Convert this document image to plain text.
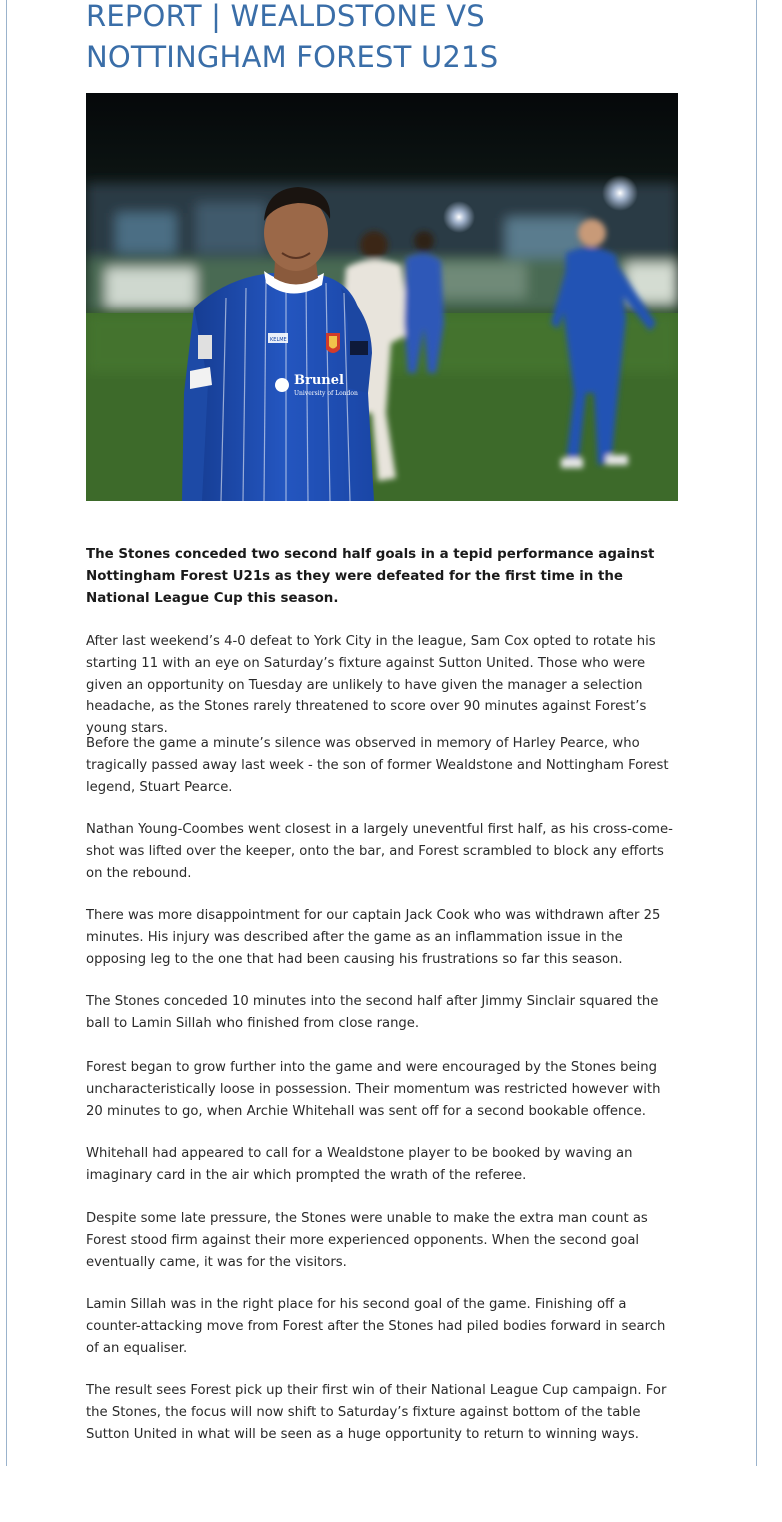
REPORT | WEALDSTONE VS NOTTINGHAM FOREST U21S
Brunel
University of London
KELME

The Stones conceded two second half goals in a tepid performance against Nottingham Forest U21s as they were defeated for the first time in the National League Cup this season.

After last weekend’s 4-0 defeat to York City in the league, Sam Cox opted to rotate his starting 11 with an eye on Saturday’s fixture against Sutton United. Those who were given an opportunity on Tuesday are unlikely to have given the manager a selection headache, as the Stones rarely threatened to score over 90 minutes against Forest’s young stars.

Before the game a minute’s silence was observed in memory of Harley Pearce, who tragically passed away last week - the son of former Wealdstone and Nottingham Forest legend, Stuart Pearce.

Nathan Young-Coombes went closest in a largely uneventful first half, as his cross-come-shot was lifted over the keeper, onto the bar, and Forest scrambled to block any efforts on the rebound.

There was more disappointment for our captain Jack Cook who was withdrawn after 25 minutes. His injury was described after the game as an inflammation issue in the opposing leg to the one that had been causing his frustrations so far this season.

The Stones conceded 10 minutes into the second half after Jimmy Sinclair squared the ball to Lamin Sillah who finished from close range.

Forest began to grow further into the game and were encouraged by the Stones being uncharacteristically loose in possession. Their momentum was restricted however with 20 minutes to go, when Archie Whitehall was sent off for a second bookable offence.

Whitehall had appeared to call for a Wealdstone player to be booked by waving an imaginary card in the air which prompted the wrath of the referee.

Despite some late pressure, the Stones were unable to make the extra man count as Forest stood firm against their more experienced opponents. When the second goal eventually came, it was for the visitors.

Lamin Sillah was in the right place for his second goal of the game. Finishing off a counter-attacking move from Forest after the Stones had piled bodies forward in search of an equaliser.

The result sees Forest pick up their first win of their National League Cup campaign. For the Stones, the focus will now shift to Saturday’s fixture against bottom of the table Sutton United in what will be seen as a huge opportunity to return to winning ways.
